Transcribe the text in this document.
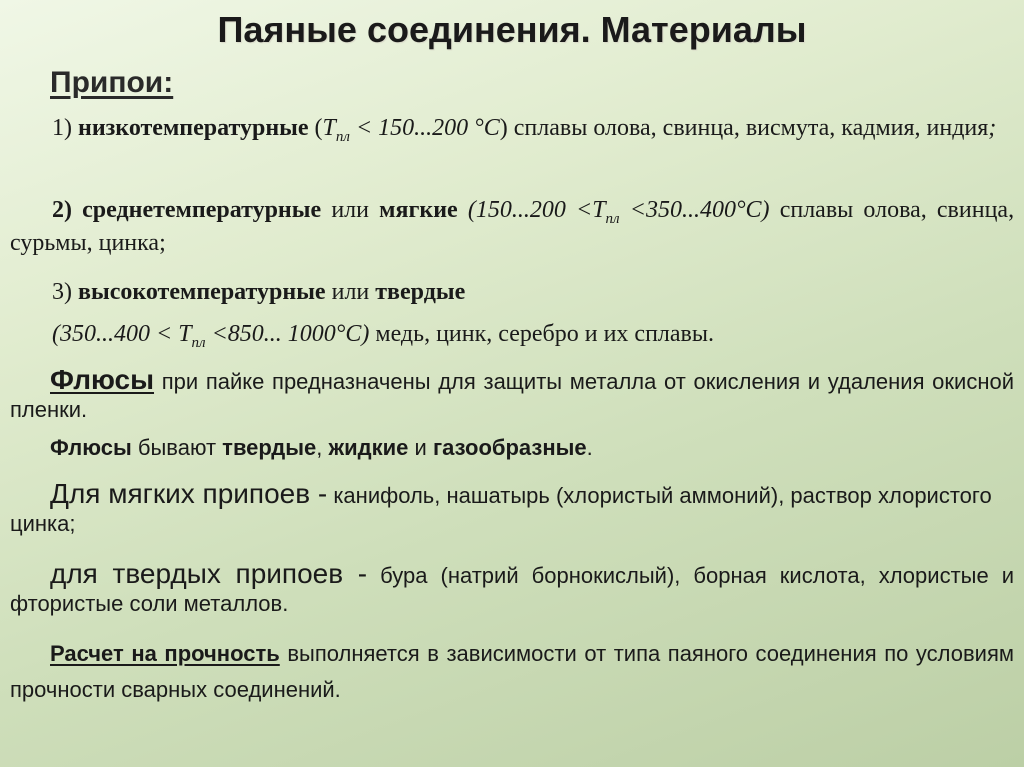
Паяные соединения. Материалы
Припои:

1) низкотемпературные ($T_{пл} < 150...200$ °С) сплавы олова, свинца, висмута, кадмия, индия;

2) среднетемпературные или мягкие $(150...200 <T_{пл} <350...400^\circ С)$ сплавы олова, свинца, сурьмы, цинка;

3) высокотемпературные или твердые

($350...400 < T_{пл} <850$... 1000°С) медь, цинк, серебро и их сплавы.

Флюсы при пайке предназначены для защиты металла от окисления и удаления окисной пленки.

Флюсы бывают твердые, жидкие и газообразные.

Для мягких припоев - канифоль, нашатырь (хлористый аммоний), раствор хлористого цинка;

для твердых припоев - бура (натрий борнокислый), борная кислота, хлористые и фтористые соли металлов.

Расчет на прочность выполняется в зависимости от типа паяного соединения по условиям прочности сварных соединений.
